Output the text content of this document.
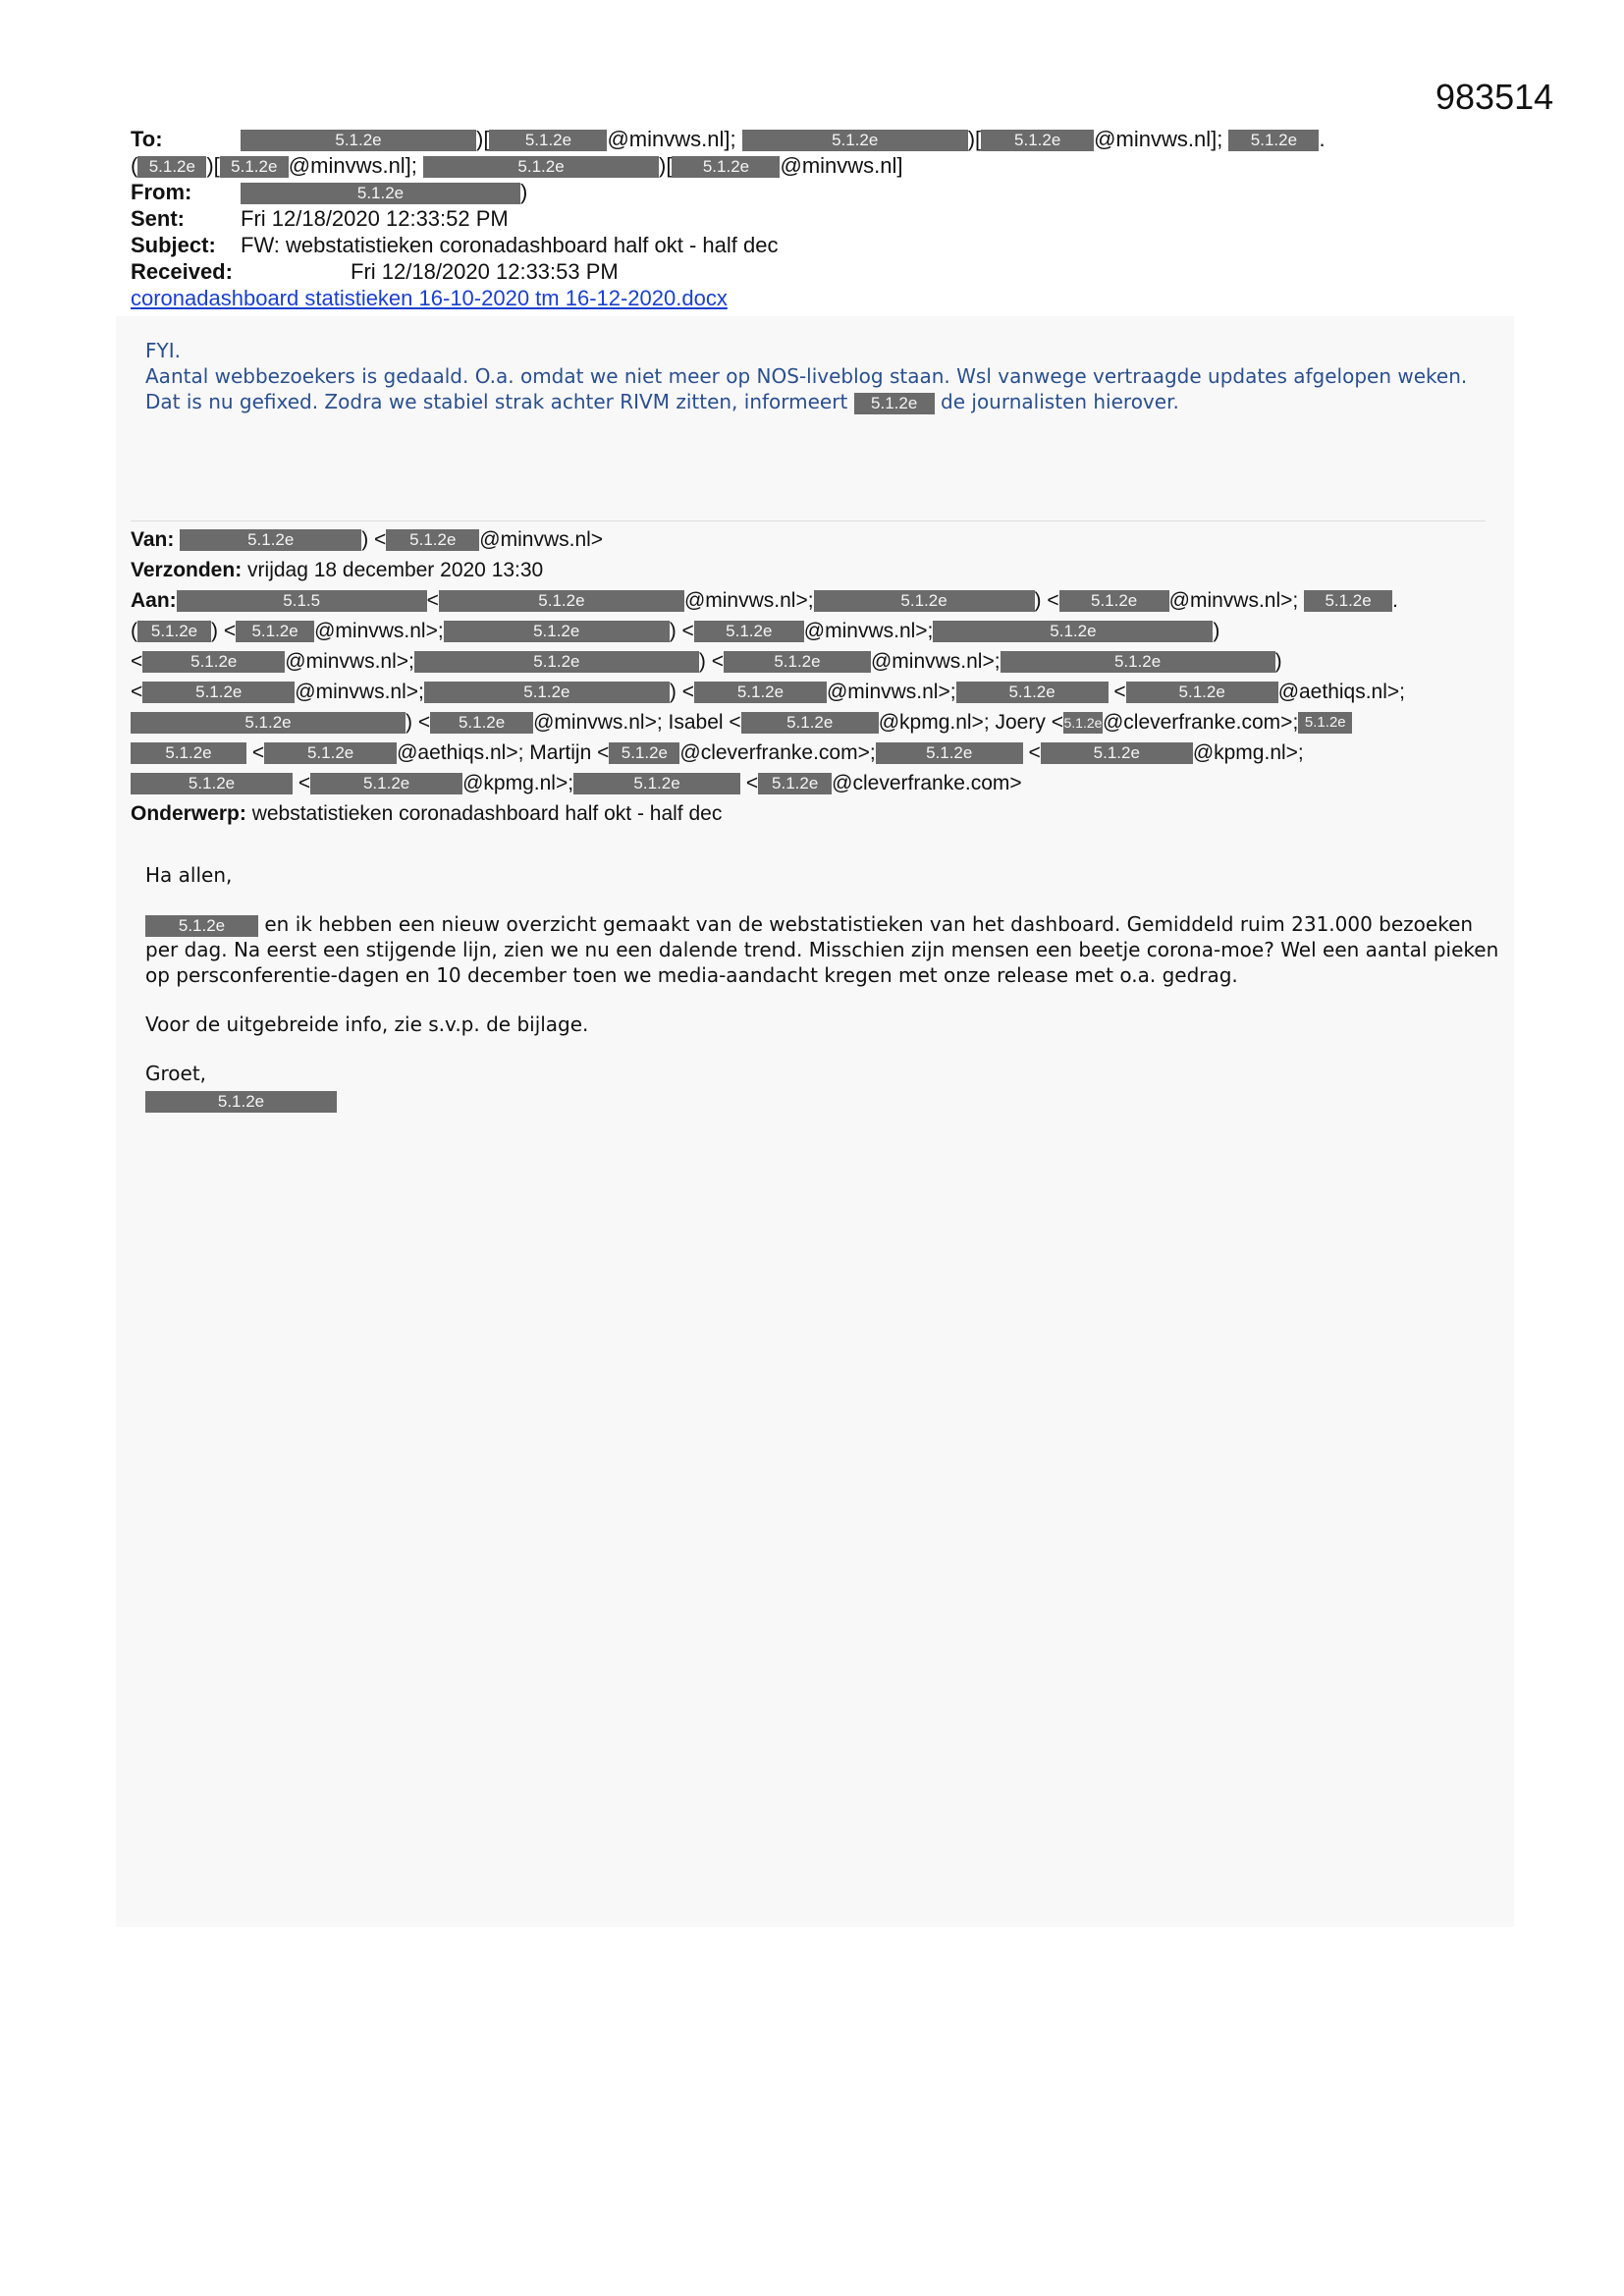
983514
To:	5.1.2e	)[ 5.1.2e @minvws.nl];	5.1.2e	)[ 5.1.2e @minvws.nl]; 5.1.2e .
( 5.1.2e )[ 5.1.2e @minvws.nl];	5.1.2e	)[ 5.1.2e @minvws.nl]
From:	5.1.2e	)
Sent:	Fri 12/18/2020 12:33:52 PM
Subject: FW: webstatistieken coronadashboard half okt - half dec
Received:	Fri 12/18/2020 12:33:53 PM
coronadashboard statistieken 16-10-2020 tm 16-12-2020.docx
FYI.
Aantal webbezoekers is gedaald. O.a. omdat we niet meer op NOS-liveblog staan. Wsl vanwege vertraagde updates afgelopen weken.
Dat is nu gefixed. Zodra we stabiel strak achter RIVM zitten, informeert 5.1.2e de journalisten hierover.
Van:	5.1.2e	) < 5.1.2e @minvws.nl>
Verzonden: vrijdag 18 december 2020 13:30
Aan:	5.1.5	<	5.1.2e	@minvws.nl>;	5.1.2e	) < 5.1.2e @minvws.nl>; 5.1.2e .
( 5.1.2e ) < 5.1.2e @minvws.nl>;	5.1.2e	) < 5.1.2e @minvws.nl>;	5.1.2e	)
<	5.1.2e @minvws.nl>;	5.1.2e	) <	5.1.2e @minvws.nl>;	5.1.2e	)
<	5.1.2e	@minvws.nl>;	5.1.2e	) <	5.1.2e @minvws.nl>;	5.1.2e	<	5.1.2e	@aethiqs.nl>;
5.1.2e	) < 5.1.2e @minvws.nl>; Isabel <	5.1.2e @kpmg.nl>; Joery <5.1.2e@cleverfranke.com>; 5.1.2e
5.1.2e <	5.1.2e @aethiqs.nl>; Martijn < 5.1.2e @cleverfranke.com>;	5.1.2e <	5.1.2e	@kpmg.nl>;
5.1.2e	<	5.1.2e	@kpmg.nl>;	5.1.2e	< 5.1.2e @cleverfranke.com>
Onderwerp: webstatistieken coronadashboard half okt - half dec

Ha allen,

5.1.2e en ik hebben een nieuw overzicht gemaakt van de webstatistieken van het dashboard. Gemiddeld ruim 231.000 bezoeken per dag. Na eerst een stijgende lijn, zien we nu een dalende trend. Misschien zijn mensen een beetje corona-moe? Wel een aantal pieken op persconferentie-dagen en 10 december toen we media-aandacht kregen met onze release met o.a. gedrag.

Voor de uitgebreide info, zie s.v.p. de bijlage.

Groet,
5.1.2e
